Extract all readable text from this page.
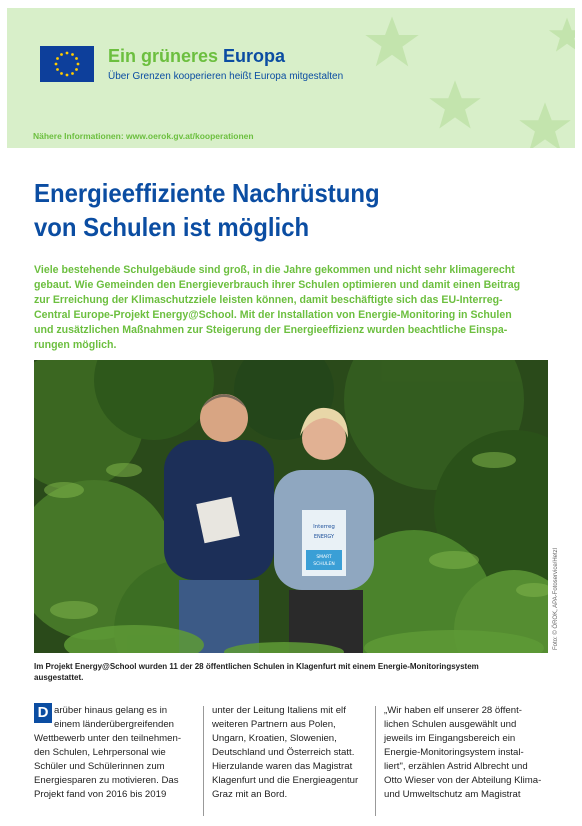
Ein grüneres Europa
Über Grenzen kooperieren heißt Europa mitgestalten
Nähere Informationen: www.oerok.gv.at/kooperationen
Energieeffiziente Nachrüstung
von Schulen ist möglich
Viele bestehende Schulgebäude sind groß, in die Jahre gekommen und nicht sehr klimagerecht
gebaut. Wie Gemeinden den Energieverbrauch ihrer Schulen optimieren und damit einen Beitrag
zur Erreichung der Klimaschutzziele leisten können, damit beschäftigte sich das EU-Interreg-
Central Europe-Projekt Energy@School. Mit der Installation von Energie-Monitoring in Schulen
und zusätzlichen Maßnahmen zur Steigerung der Energieeffizienz wurden beachtliche Einspa-
rungen möglich.
Interreg
ENERGY
SMART
SCHULEN	Foto: © ÖROK, APA-Fotoservice/Hetzl
Im Projekt Energy@School wurden 11 der 28 öffentlichen Schulen in Klagenfurt mit einem Energie-Monitoringsystem
ausgestattet.
D arüber hinaus gelang es in
einem länderübergreifenden
Wettbewerb unter den teilnehmen-
den Schulen, Lehrpersonal wie
Schüler und Schülerinnen zum
Energiesparen zu motivieren. Das
Projekt fand von 2016 bis 2019
unter der Leitung Italiens mit elf
weiteren Partnern aus Polen,
Ungarn, Kroatien, Slowenien,
Deutschland und Österreich statt.
Hierzulande waren das Magistrat
Klagenfurt und die Energieagentur
Graz mit an Bord.
„Wir haben elf unserer 28 öffent-
lichen Schulen ausgewählt und
jeweils im Eingangsbereich ein
Energie-Monitoringsystem instal-
liert", erzählen Astrid Albrecht und
Otto Wieser von der Abteilung Klima-
und Umweltschutz am Magistrat
